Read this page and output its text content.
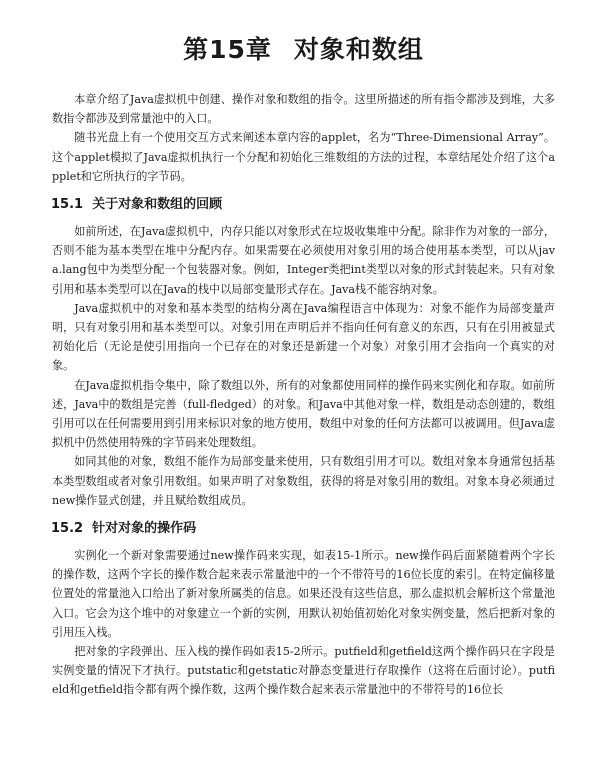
第15章 对象和数组

本章介绍了Java虚拟机中创建、操作对象和数组的指令。这里所描述的所有指令都涉及到堆，大多数指令都涉及到常量池中的入口。

随书光盘上有一个使用交互方式来阐述本章内容的applet，名为“Three-Dimensional Array”。这个applet模拟了Java虚拟机执行一个分配和初始化三维数组的方法的过程，本章结尾处介绍了这个applet和它所执行的字节码。

15.1 关于对象和数组的回顾

如前所述，在Java虚拟机中，内存只能以对象形式在垃圾收集堆中分配。除非作为对象的一部分，否则不能为基本类型在堆中分配内存。如果需要在必须使用对象引用的场合使用基本类型，可以从java.lang包中为类型分配一个包装器对象。例如，Integer类把int类型以对象的形式封装起来。只有对象引用和基本类型可以在Java的栈中以局部变量形式存在。Java栈不能容纳对象。

Java虚拟机中的对象和基本类型的结构分离在Java编程语言中体现为：对象不能作为局部变量声明，只有对象引用和基本类型可以。对象引用在声明后并不指向任何有意义的东西，只有在引用被显式初始化后（无论是使引用指向一个已存在的对象还是新建一个对象）对象引用才会指向一个真实的对象。

在Java虚拟机指令集中，除了数组以外，所有的对象都使用同样的操作码来实例化和存取。如前所述，Java中的数组是完善（full-fledged）的对象。和Java中其他对象一样，数组是动态创建的，数组引用可以在任何需要用到引用来标识对象的地方使用，数组中对象的任何方法都可以被调用。但Java虚拟机中仍然使用特殊的字节码来处理数组。

如同其他的对象，数组不能作为局部变量来使用，只有数组引用才可以。数组对象本身通常包括基本类型数组或者对象引用数组。如果声明了对象数组，获得的将是对象引用的数组。对象本身必须通过new操作显式创建，并且赋给数组成员。

15.2 针对对象的操作码

实例化一个新对象需要通过new操作码来实现，如表15-1所示。new操作码后面紧随着两个字长的操作数，这两个字长的操作数合起来表示常量池中的一个不带符号的16位长度的索引。在特定偏移量位置处的常量池入口给出了新对象所属类的信息。如果还没有这些信息，那么虚拟机会解析这个常量池入口。它会为这个堆中的对象建立一个新的实例，用默认初始值初始化对象实例变量，然后把新对象的引用压入栈。

把对象的字段弹出、压入栈的操作码如表15-2所示。putfield和getfield这两个操作码只在字段是实例变量的情况下才执行。putstatic和getstatic对静态变量进行存取操作（这将在后面讨论）。putfield和getfield指令都有两个操作数，这两个操作数合起来表示常量池中的不带符号的16位长
